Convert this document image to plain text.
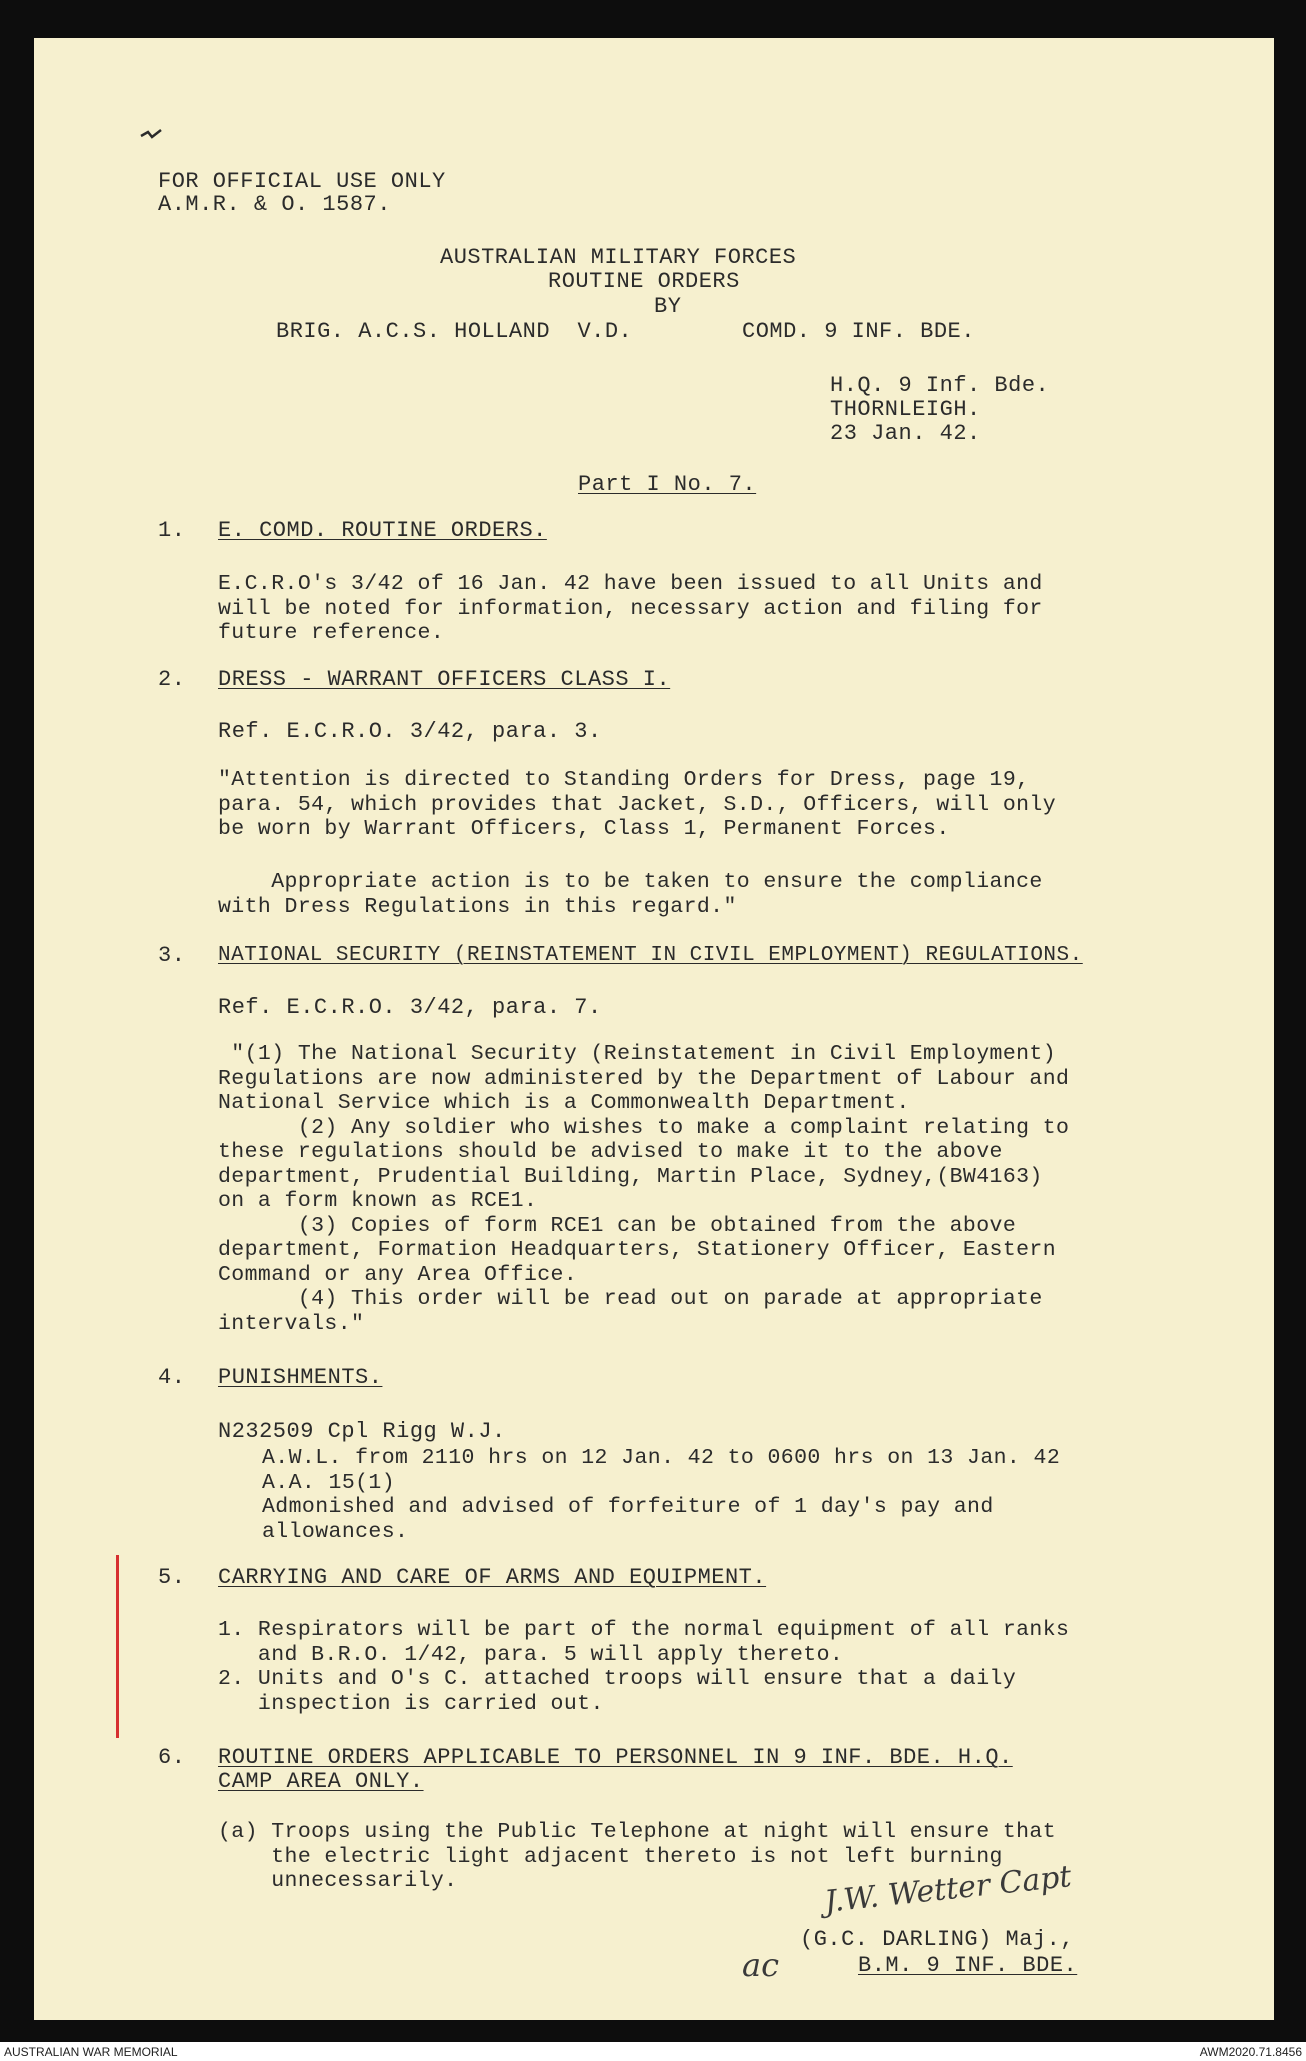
FOR OFFICIAL USE ONLY
A.M.R. & O. 1587.
AUSTRALIAN MILITARY FORCES
ROUTINE ORDERS
BY
BRIG. A.C.S. HOLLAND  V.D.	COMD. 9 INF. BDE.
H.Q. 9 Inf. Bde.
THORNLEIGH.
23 Jan. 42.
Part I No. 7.
1. E. COMD. ROUTINE ORDERS.
E.C.R.O's 3/42 of 16 Jan. 42 have been issued to all Units and
will be noted for information, necessary action and filing for
future reference.
2. DRESS - WARRANT OFFICERS CLASS I.
Ref. E.C.R.O. 3/42, para. 3.
"Attention is directed to Standing Orders for Dress, page 19,
para. 54, which provides that Jacket, S.D., Officers, will only
be worn by Warrant Officers, Class 1, Permanent Forces.
Appropriate action is to be taken to ensure the compliance
with Dress Regulations in this regard."
3. NATIONAL SECURITY (REINSTATEMENT IN CIVIL EMPLOYMENT) REGULATIONS.
Ref. E.C.R.O. 3/42, para. 7.
"(1) The National Security (Reinstatement in Civil Employment)
Regulations are now administered by the Department of Labour and
National Service which is a Commonwealth Department.
(2) Any soldier who wishes to make a complaint relating to
these regulations should be advised to make it to the above
department, Prudential Building, Martin Place, Sydney,(BW4163)
on a form known as RCE1.
(3) Copies of form RCE1 can be obtained from the above
department, Formation Headquarters, Stationery Officer, Eastern
Command or any Area Office.
(4) This order will be read out on parade at appropriate
intervals."
4. PUNISHMENTS.
N232509 Cpl Rigg W.J.
A.W.L. from 2110 hrs on 12 Jan. 42 to 0600 hrs on 13 Jan. 42
A.A. 15(1)
Admonished and advised of forfeiture of 1 day's pay and
allowances.
5. CARRYING AND CARE OF ARMS AND EQUIPMENT.
1. Respirators will be part of the normal equipment of all ranks
and B.R.O. 1/42, para. 5 will apply thereto.
2. Units and O's C. attached troops will ensure that a daily
inspection is carried out.
6. ROUTINE ORDERS APPLICABLE TO PERSONNEL IN 9 INF. BDE. H.Q.
CAMP AREA ONLY.
(a) Troops using the Public Telephone at night will ensure that
the electric light adjacent thereto is not left burning
unnecessarily.	J.W. Wetter Capt
ac
(G.C. DARLING) Maj.,
B.M. 9 INF. BDE.
AUSTRALIAN WAR MEMORIAL	AWM2020.71.8456
